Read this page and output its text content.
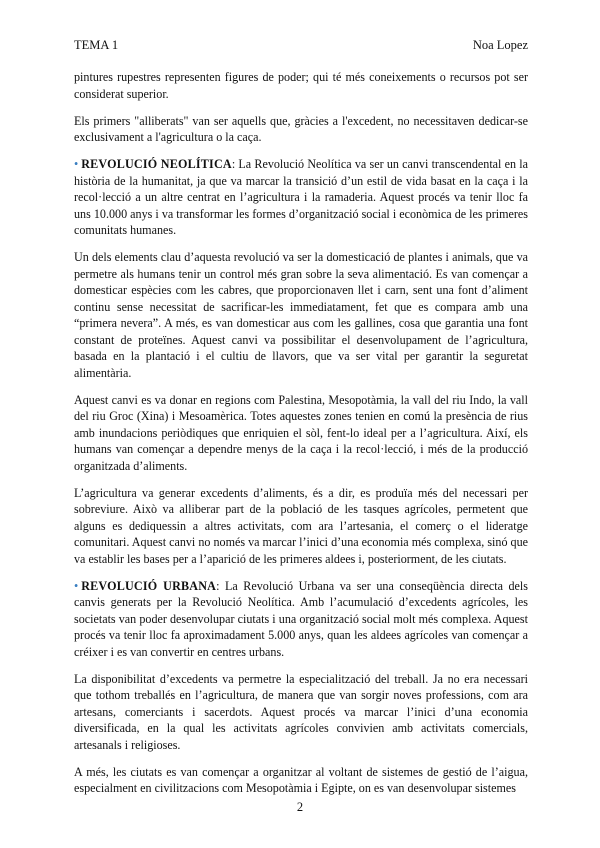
TEMA 1	Noa Lopez

pintures rupestres representen figures de poder; qui té més coneixements o recursos pot ser considerat superior.

Els primers "alliberats" van ser aquells que, gràcies a l'excedent, no necessitaven dedicar-se exclusivament a l'agricultura o la caça.

• REVOLUCIÓ NEOLÍTICA: La Revolució Neolítica va ser un canvi transcendental en la història de la humanitat, ja que va marcar la transició d’un estil de vida basat en la caça i la recol·lecció a un altre centrat en l’agricultura i la ramaderia. Aquest procés va tenir lloc fa uns 10.000 anys i va transformar les formes d’organització social i econòmica de les primeres comunitats humanes.

Un dels elements clau d’aquesta revolució va ser la domesticació de plantes i animals, que va permetre als humans tenir un control més gran sobre la seva alimentació. Es van començar a domesticar espècies com les cabres, que proporcionaven llet i carn, sent una font d’aliment continu sense necessitat de sacrificar-les immediatament, fet que es compara amb una “primera nevera”. A més, es van domesticar aus com les gallines, cosa que garantia una font constant de proteïnes. Aquest canvi va possibilitar el desenvolupament de l’agricultura, basada en la plantació i el cultiu de llavors, que va ser vital per garantir la seguretat alimentària.

Aquest canvi es va donar en regions com Palestina, Mesopotàmia, la vall del riu Indo, la vall del riu Groc (Xina) i Mesoamèrica. Totes aquestes zones tenien en comú la presència de rius amb inundacions periòdiques que enriquien el sòl, fent-lo ideal per a l’agricultura. Així, els humans van començar a dependre menys de la caça i la recol·lecció, i més de la producció organitzada d’aliments.

L’agricultura va generar excedents d’aliments, és a dir, es produïa més del necessari per sobreviure. Això va alliberar part de la població de les tasques agrícoles, permetent que alguns es dediquessin a altres activitats, com ara l’artesania, el comerç o el lideratge comunitari. Aquest canvi no només va marcar l’inici d’una economia més complexa, sinó que va establir les bases per a l’aparició de les primeres aldees i, posteriorment, de les ciutats.

• REVOLUCIÓ URBANA: La Revolució Urbana va ser una conseqüència directa dels canvis generats per la Revolució Neolítica. Amb l’acumulació d’excedents agrícoles, les societats van poder desenvolupar ciutats i una organització social molt més complexa. Aquest procés va tenir lloc fa aproximadament 5.000 anys, quan les aldees agrícoles van començar a créixer i es van convertir en centres urbans.

La disponibilitat d’excedents va permetre la especialització del treball. Ja no era necessari que tothom treballés en l’agricultura, de manera que van sorgir noves professions, com ara artesans, comerciants i sacerdots. Aquest procés va marcar l’inici d’una economia diversificada, en la qual les activitats agrícoles convivien amb activitats comercials, artesanals i religioses.

A més, les ciutats es van començar a organitzar al voltant de sistemes de gestió de l’aigua, especialment en civilitzacions com Mesopotàmia i Egipte, on es van desenvolupar sistemes

2
